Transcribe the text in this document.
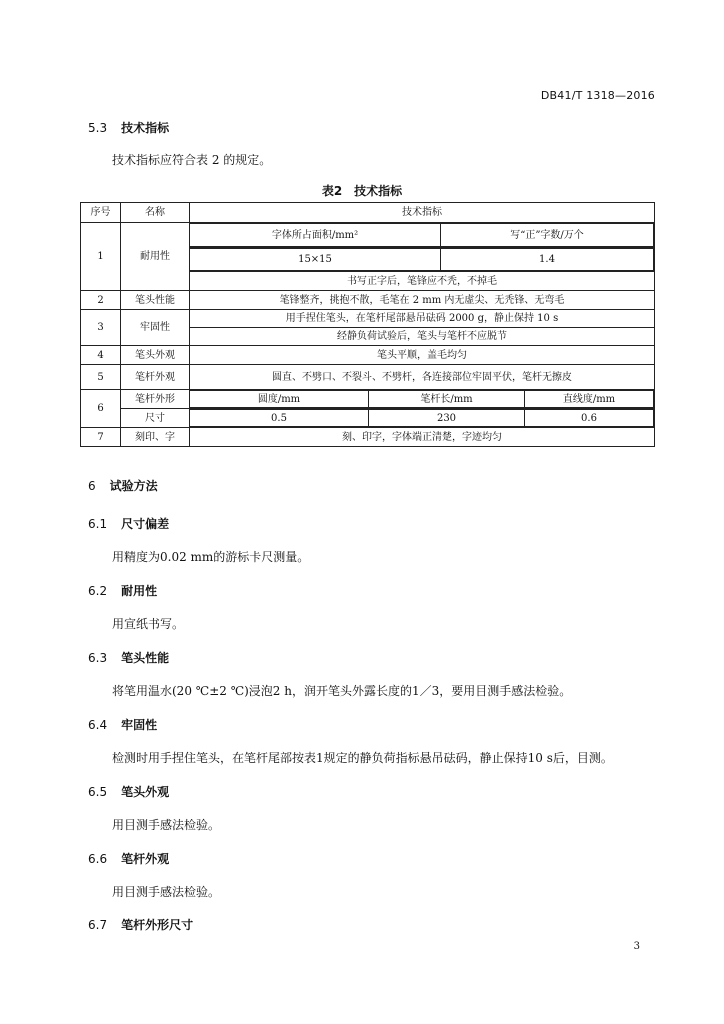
DB41/T 1318—2016
5.3 技术指标
技术指标应符合表 2 的规定。
表2　技术指标
序号	名称	技术指标
1	耐用性	
字体所占面积/mm²	写“正”字数/万个

15×15	1.4

书写正字后，笔锋应不秃，不掉毛
2	笔头性能	笔锋整齐，挑抱不散，毛笔在 2 mm 内无虚尖、无秃锋、无弯毛
3	牢固性	用手捏住笔头，在笔杆尾部悬吊砝码 2000 g，静止保持 10 s
经静负荷试验后，笔头与笔杆不应脱节
4	笔头外观	笔头平顺，盖毛均匀
5	笔杆外观	圆直、不劈口、不裂斗、不劈杆，各连接部位牢固平伏，笔杆无擦皮
6	笔杆外形		圆度/mm	笔杆长/mm	直线度/mm

尺寸		0.5	230	0.6

7	刻印、字	刻、印字，字体端正清楚，字迹均匀
6 试验方法
6.1 尺寸偏差
用精度为0.02 mm的游标卡尺测量。
6.2 耐用性
用宣纸书写。
6.3 笔头性能
将笔用温水(20 ℃±2 ℃)浸泡2 h，润开笔头外露长度的1／3，要用目测手感法检验。
6.4 牢固性
检测时用手捏住笔头，在笔杆尾部按表1规定的静负荷指标悬吊砝码，静止保持10 s后，目测。
6.5 笔头外观
用目测手感法检验。
6.6 笔杆外观
用目测手感法检验。
6.7 笔杆外形尺寸
3
